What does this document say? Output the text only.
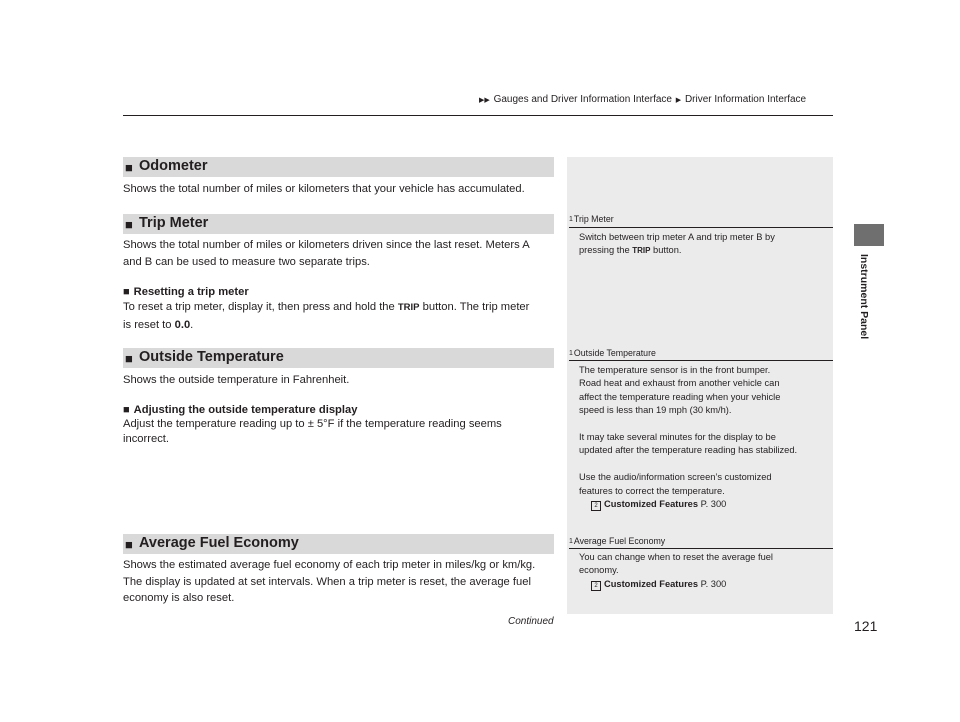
▶▶ Gauges and Driver Information Interface ▶ Driver Information Interface
Instrument Panel
■ Odometer
Shows the total number of miles or kilometers that your vehicle has accumulated.
■ Trip Meter
Shows the total number of miles or kilometers driven since the last reset. Meters A
and B can be used to measure two separate trips.
■ Resetting a trip meter
To reset a trip meter, display it, then press and hold the TRIP button. The trip meter
is reset to 0.0.
■ Outside Temperature
Shows the outside temperature in Fahrenheit.
■ Adjusting the outside temperature display
Adjust the temperature reading up to ± 5°F if the temperature reading seems
incorrect.
■ Average Fuel Economy
Shows the estimated average fuel economy of each trip meter in miles/kg or km/kg.
The display is updated at set intervals. When a trip meter is reset, the average fuel
economy is also reset.
1Trip Meter
Switch between trip meter A and trip meter B by
pressing the TRIP button.
1Outside Temperature
The temperature sensor is in the front bumper.
Road heat and exhaust from another vehicle can
affect the temperature reading when your vehicle
speed is less than 19 mph (30 km/h).
It may take several minutes for the display to be
updated after the temperature reading has stabilized.
Use the audio/information screen’s customized
features to correct the temperature.
2 Customized Features P. 300
1Average Fuel Economy
You can change when to reset the average fuel
economy.
2 Customized Features P. 300
Continued	121
